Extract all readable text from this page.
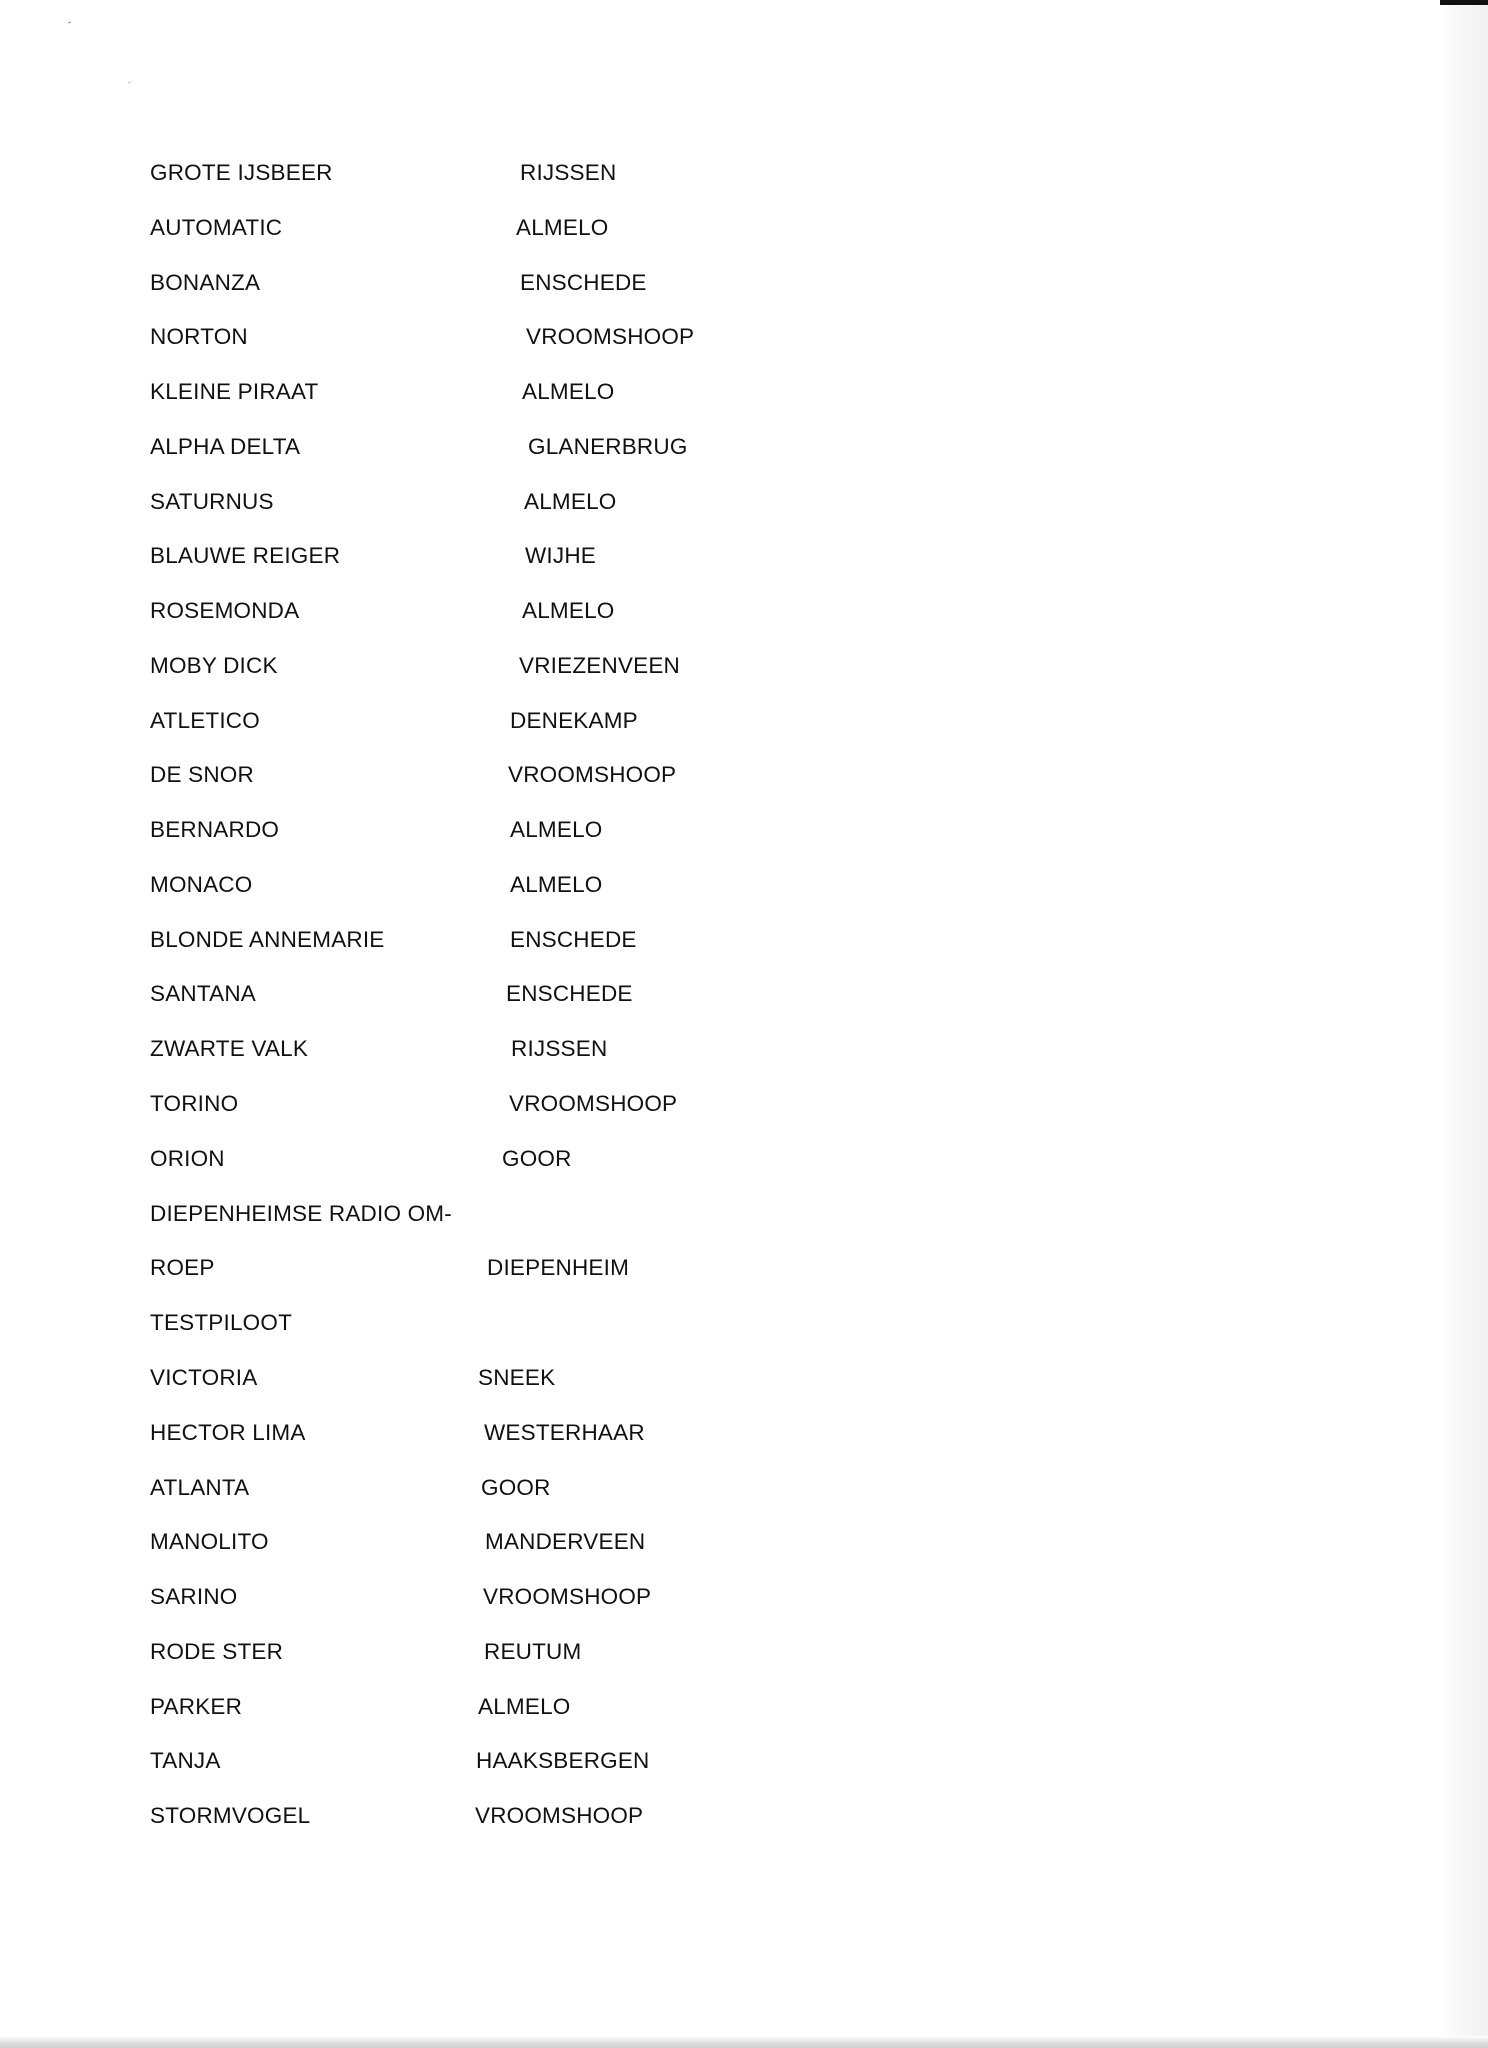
GROTE IJSBEER	RIJSSEN
AUTOMATIC	ALMELO
BONANZA	ENSCHEDE
NORTON	VROOMSHOOP
KLEINE PIRAAT	ALMELO
ALPHA DELTA	GLANERBRUG
SATURNUS	ALMELO
BLAUWE REIGER	WIJHE
ROSEMONDA	ALMELO
MOBY DICK	VRIEZENVEEN
ATLETICO	DENEKAMP
DE SNOR	VROOMSHOOP
BERNARDO	ALMELO
MONACO	ALMELO
BLONDE ANNEMARIE	ENSCHEDE
SANTANA	ENSCHEDE
ZWARTE VALK	RIJSSEN
TORINO	VROOMSHOOP
ORION	GOOR
DIEPENHEIMSE RADIO OM-
ROEP	DIEPENHEIM
TESTPILOOT
VICTORIA	SNEEK
HECTOR LIMA	WESTERHAAR
ATLANTA	GOOR
MANOLITO	MANDERVEEN
SARINO	VROOMSHOOP
RODE STER	REUTUM
PARKER	ALMELO
TANJA	HAAKSBERGEN
STORMVOGEL	VROOMSHOOP
